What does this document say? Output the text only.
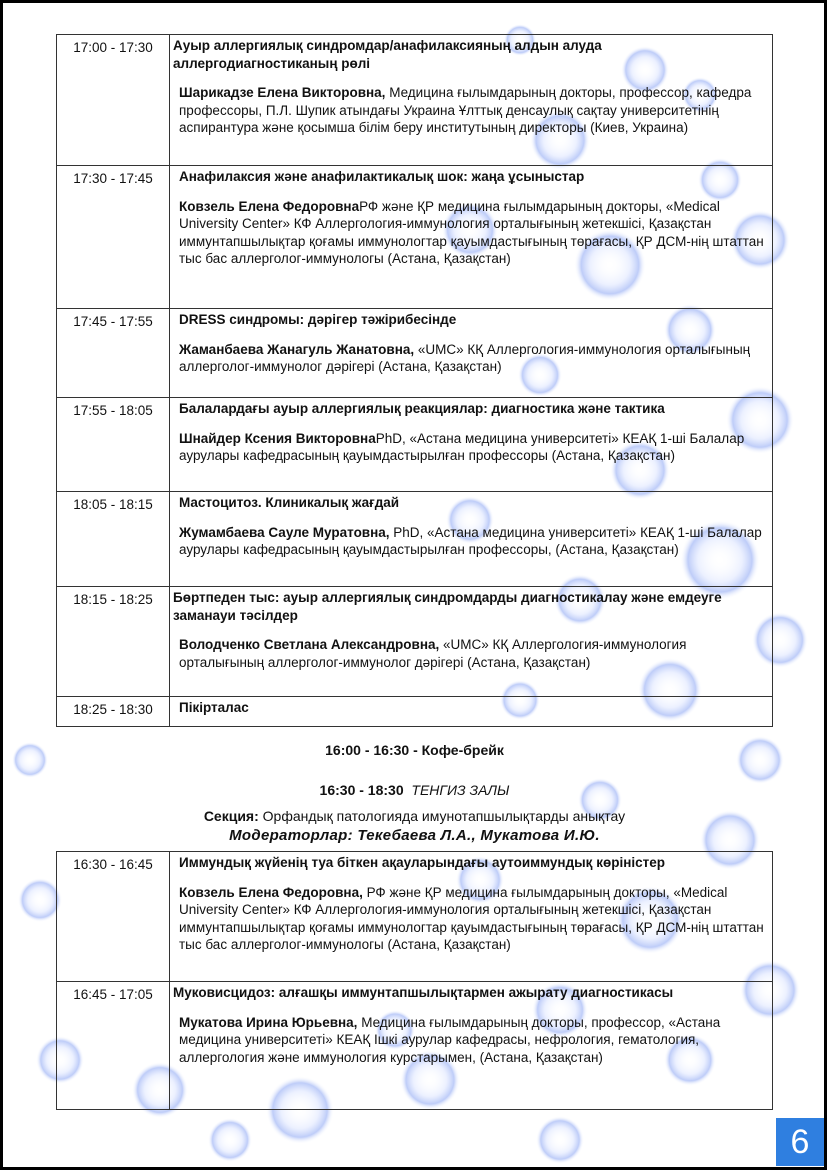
17:00 - 17:30	Ауыр аллергиялық синдромдар/анафилаксияның алдын алуда аллергодиагностиканың рөлі
Шарикадзе Елена Викторовна, Медицина ғылымдарының докторы, профессор, кафедра профессоры, П.Л. Шупик атындағы Украина Ұлттық денсаулық сақтау университетінің аспирантура және қосымша білім беру институтының директоры (Киев, Украина)

17:30 - 17:45	Анафилаксия және анафилактикалық шок: жаңа ұсыныстар
Ковзель Елена ФедоровнаРФ және ҚР медицина ғылымдарының докторы, «Medical University Center» КФ Аллергология-иммунология орталығының жетекшісі, Қазақстан иммунтапшылықтар қоғамы иммунологтар қауымдастығының төрағасы, ҚР ДСМ-нің штаттан тыс бас аллерголог-иммунологы (Астана, Қазақстан)

17:45 - 17:55	DRESS синдромы: дәрігер тәжірибесінде
Жаманбаева Жанагуль Жанатовна, «UMC» КҚ Аллергология-иммунология орталығының аллерголог-иммунолог дәрігері (Астана, Қазақстан)

17:55 - 18:05	Балалардағы ауыр аллергиялық реакциялар: диагностика және тактика
Шнайдер Ксения ВикторовнаPhD, «Астана медицина университеті» КЕАҚ 1-ші Балалар аурулары кафедрасының қауымдастырылған профессоры (Астана, Қазақстан)

18:05 - 18:15	Мастоцитоз. Клиникалық жағдай
Жумамбаева Сауле Муратовна, PhD, «Астана медицина университеті» КЕАҚ 1-ші Балалар аурулары кафедрасының қауымдастырылған профессоры, (Астана, Қазақстан)

18:15 - 18:25	Бөртпеден тыс: ауыр аллергиялық синдромдарды диагностикалау және емдеуге заманауи тәсілдер
Володченко Светлана Александровна, «UMC» КҚ Аллергология-иммунология орталығының аллерголог-иммунолог дәрігері (Астана, Қазақстан)

18:25 - 18:30	Пікірталас
16:00 - 16:30 - Кофе-брейк
16:30 - 18:30 ТЕНГИЗ ЗАЛЫ
Секция: Орфандық патологияда имунотапшылықтарды анықтау
Модераторлар: Текебаева Л.А., Мукатова И.Ю.
16:30 - 16:45	Иммундық жүйенің туа біткен ақауларындағы аутоиммундық көріністер
Ковзель Елена Федоровна, РФ және ҚР медицина ғылымдарының докторы, «Medical University Center» КФ Аллергология-иммунология орталығының жетекшісі, Қазақстан иммунтапшылықтар қоғамы иммунологтар қауымдастығының төрағасы, ҚР ДСМ-нің штаттан тыс бас аллерголог-иммунологы (Астана, Қазақстан)

16:45 - 17:05	Муковисцидоз: алғашқы иммунтапшылықтармен ажырату диагностикасы
Мукатова Ирина Юрьевна, Медицина ғылымдарының докторы, профессор, «Астана медицина университеті» КЕАҚ Ішкі аурулар кафедрасы, нефрология, гематология, аллергология және иммунология курстарымен, (Астана, Қазақстан)
6
